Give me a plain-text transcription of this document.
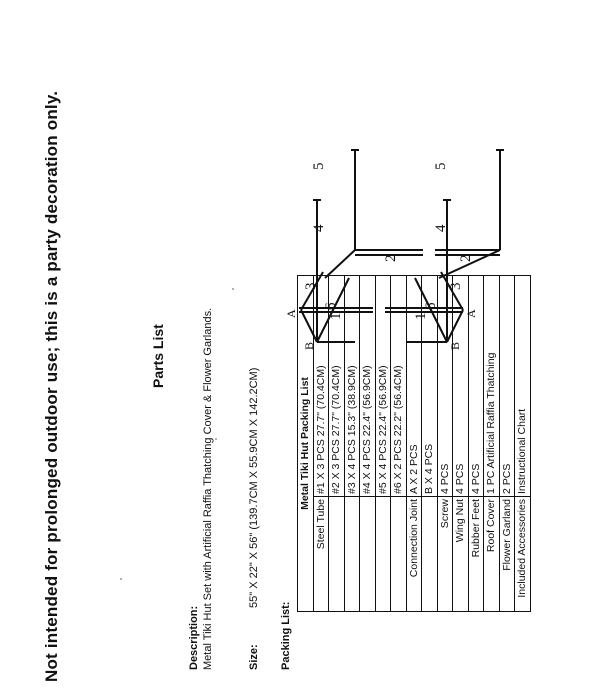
Not intended for prolonged outdoor use; this is a party decoration only.	Parts List
Description: Metal Tiki Hut Set with Artificial Raffia Thatching Cover & Flower Garlands.	Size:
55" X 22" X 56" (139.7CM X 55.9CM X 142.2CM)
Packing List:
Metal Tiki Hut Packing List	
Steel Tube	#1 X 3 PCS 27.7" (70.4CM)
	#2 X 3 PCS 27.7" (70.4CM)
	#3 X 4 PCS 15.3" (38.9CM)
	#4 X 4 PCS 22.4" (56.9CM)
	#5 X 4 PCS 22.4" (56.9CM)
	#6 X 2 PCS 22.2" (56.4CM)
Connection Joint	A X 2 PCS
	B X 4 PCS
Screw	4 PCS
Wing Nut	4 PCS
Rubber Feet	4 PCS
Roof Cover	1 PC Artificial Raffia Thatching
Flower Garland	2 PCS
Included Accessories	Instructional Chart
1	1
2	2
3	3
4	4
5	5
6	6
A	A
B	B
